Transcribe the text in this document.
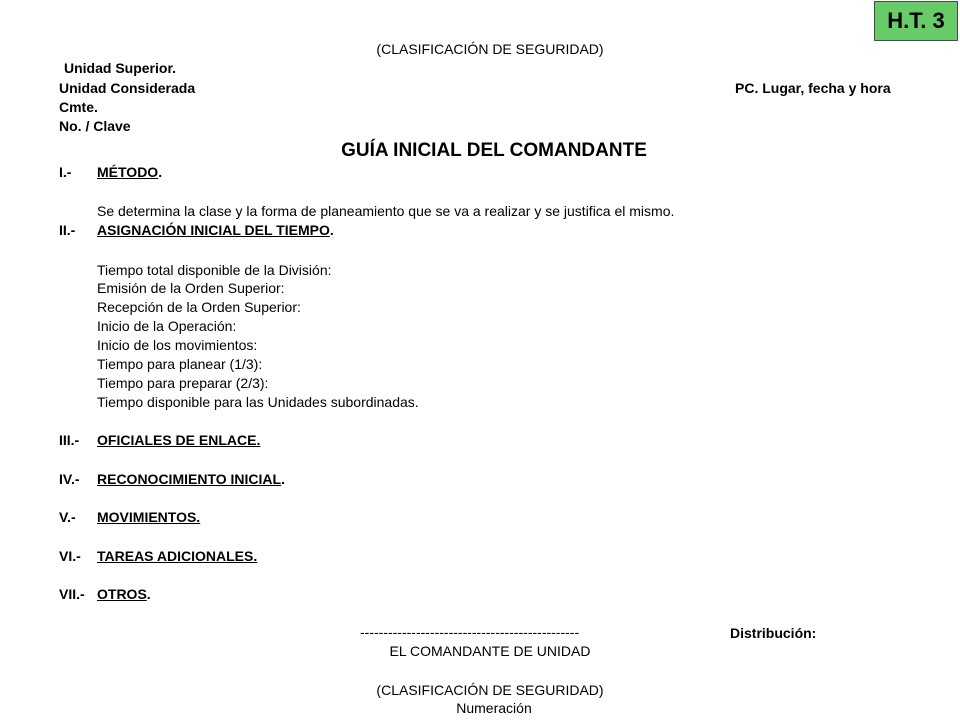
H.T. 3
(CLASIFICACIÓN DE SEGURIDAD)
Unidad Superior.
Unidad Considerada	PC. Lugar, fecha y hora
Cmte.
No. / Clave
GUÍA INICIAL DEL COMANDANTE
I.- MÉTODO.
Se determina la clase y la forma de planeamiento que se va a realizar y se justifica el mismo.
II.- ASIGNACIÓN INICIAL DEL TIEMPO.
Tiempo total disponible de la División:
Emisión de la Orden Superior:
Recepción de la Orden Superior:
Inicio de la Operación:
Inicio de los movimientos:
Tiempo para planear (1/3):
Tiempo para preparar (2/3):
Tiempo disponible para las Unidades subordinadas.
III.- OFICIALES DE ENLACE.
IV.- RECONOCIMIENTO INICIAL.
V.- MOVIMIENTOS.
VI.- TAREAS ADICIONALES.
VII.- OTROS.
-----------------------------------------------	Distribución:
EL COMANDANTE DE UNIDAD
(CLASIFICACIÓN DE SEGURIDAD)
Numeración
